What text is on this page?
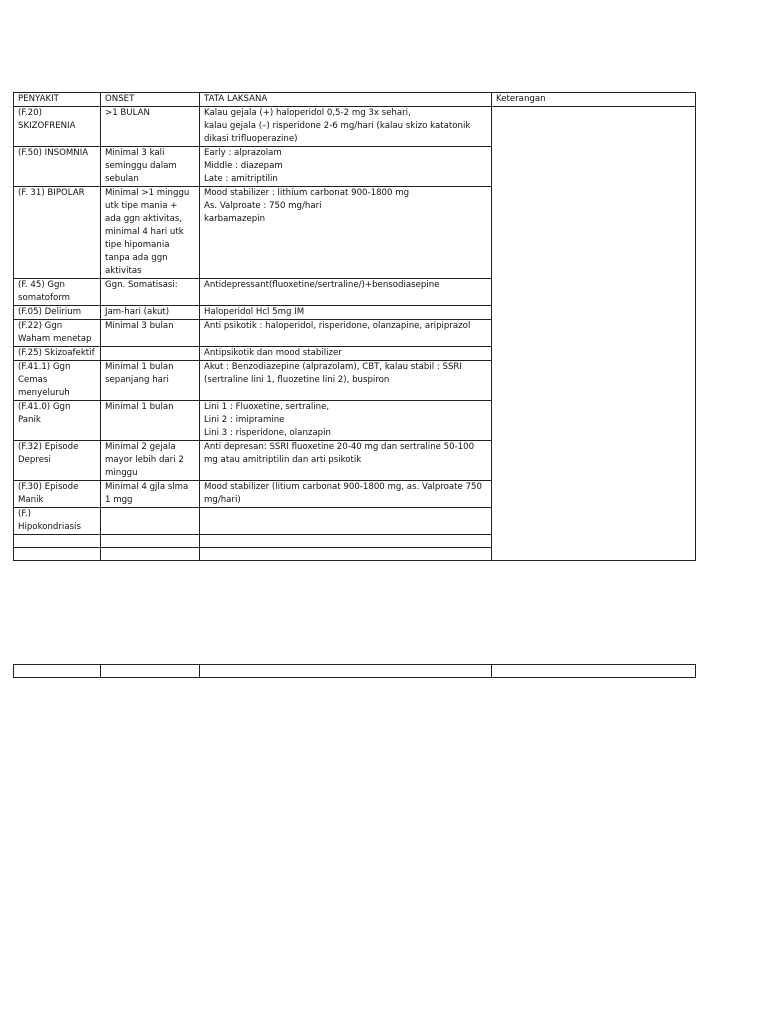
PENYAKIT	ONSET	TATA LAKSANA	Keterangan
(F.20) SKIZOFRENIA	>1 BULAN	Kalau gejala (+) haloperidol 0,5-2 mg 3x sehari,
kalau gejala (–) risperidone 2-6 mg/hari (kalau skizo katatonik dikasi trifluoperazine)	

(F.50) INSOMNIA	Minimal 3 kali seminggu dalam sebulan	Early : alprazolam
Middle : diazepam
Late : amitriptilin	

(F. 31) BIPOLAR	Minimal >1 minggu utk tipe mania + ada ggn aktivitas, minimal 4 hari utk tipe hipomania tanpa ada ggn aktivitas	Mood stabilizer : lithium carbonat 900-1800 mg
As. Valproate : 750 mg/hari
karbamazepin	

(F. 45) Ggn somatoform	Ggn. Somatisasi:	Antidepressant(fluoxetine/sertraline/)+bensodiasepine	

(F.05) Delirium	Jam-hari (akut)	Haloperidol Hcl 5mg IM	

(F.22) Ggn Waham menetap	Minimal 3 bulan	Anti psikotik : haloperidol, risperidone, olanzapine, aripiprazol	

(F.25) Skizoafektif		Antipsikotik dan mood stabilizer	

(F.41.1) Ggn Cemas menyeluruh	Minimal 1 bulan sepanjang hari	Akut : Benzodiazepine (alprazolam), CBT, kalau stabil : SSRI (sertraline lini 1, fluozetine lini 2), buspiron	

(F.41.0) Ggn Panik	Minimal 1 bulan	Lini 1 : Fluoxetine, sertraline,
Lini 2 : imipramine
Lini 3 : risperidone, olanzapin	

(F.32) Episode Depresi	Minimal 2 gejala mayor lebih dari 2 minggu	Anti depresan: SSRI fluoxetine 20-40 mg dan sertraline 50-100 mg atau amitriptilin dan arti psikotik	

(F.30) Episode Manik	Minimal 4 gjla slma 1 mgg	Mood stabilizer (litium carbonat 900-1800 mg, as. Valproate 750 mg/hari)	

(F.) Hipokondriasis			
